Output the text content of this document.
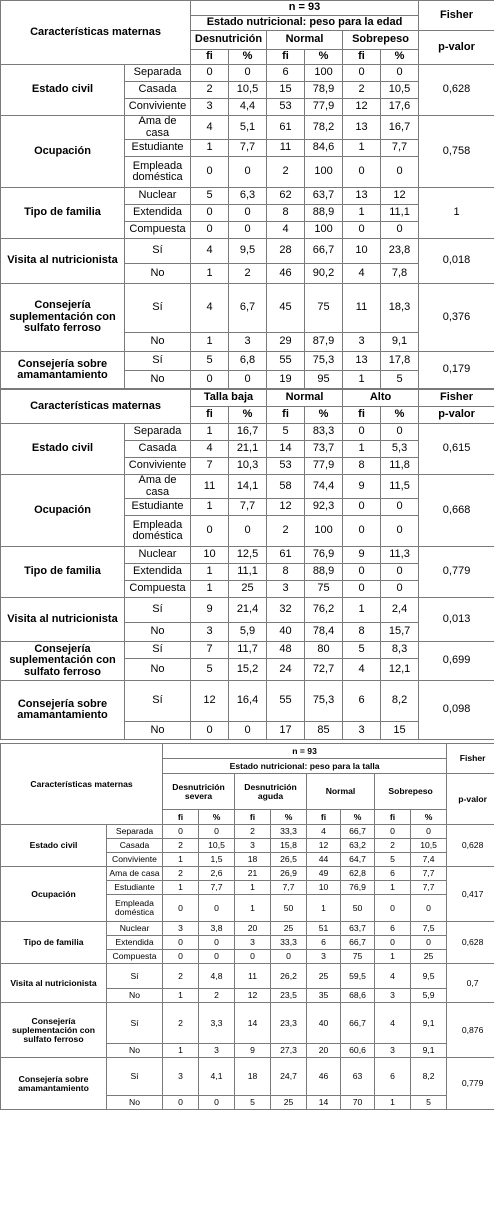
Características maternas		n = 93						Fisher
		Estado nutricional: peso para la edad						
		Desnutrición		Normal		Sobrepeso		p-valor
		fi	%	fi	%	fi	%	
Estado civil	Separada	0	0	6	100	0	0	0,628
	Casada	2	10,5	15	78,9	2	10,5	
	Conviviente	3	4,4	53	77,9	12	17,6	
Ocupación	Ama de casa	4	5,1	61	78,2	13	16,7	0,758
	Estudiante	1	7,7	11	84,6	1	7,7	
	Empleada doméstica	0	0	2	100	0	0	
Tipo de familia	Nuclear	5	6,3	62	63,7	13	12	1
	Extendida	0	0	8	88,9	1	11,1	
	Compuesta	0	0	4	100	0	0	
Visita al nutricionista	Sí	4	9,5	28	66,7	10	23,8	0,018
	No	1	2	46	90,2	4	7,8	
Consejería suplementación con sulfato ferroso	Sí	4	6,7	45	75	11	18,3	0,376
	No	1	3	29	87,9	3	9,1	
Consejería sobre amamantamiento	Sí	5	6,8	55	75,3	13	17,8	0,179
	No	0	0	19	95	1	5	
Características maternas		Talla baja		Normal		Alto		Fisher
		fi	%	fi	%	fi	%	p-valor
Estado civil	Separada	1	16,7	5	83,3	0	0	0,615
	Casada	4	21,1	14	73,7	1	5,3	
	Conviviente	7	10,3	53	77,9	8	11,8	
Ocupación	Ama de casa	11	14,1	58	74,4	9	11,5	0,668
	Estudiante	1	7,7	12	92,3	0	0	
	Empleada doméstica	0	0	2	100	0	0	
Tipo de familia	Nuclear	10	12,5	61	76,9	9	11,3	0,779
	Extendida	1	11,1	8	88,9	0	0	
	Compuesta	1	25	3	75	0	0	
Visita al nutricionista	Sí	9	21,4	32	76,2	1	2,4	0,013
	No	3	5,9	40	78,4	8	15,7	
Consejería suplementación con sulfato ferroso	Sí	7	11,7	48	80	5	8,3	0,699
	No	5	15,2	24	72,7	4	12,1	
Consejería sobre amamantamiento	Sí	12	16,4	55	75,3	6	8,2	0,098
	No	0	0	17	85	3	15	
Características maternas		n = 93								Fisher
		Estado nutricional: peso para la talla								
		Desnutrición severa		Desnutrición aguda		Normal		Sobrepeso		p-valor
		fi	%	fi	%	fi	%	fi	%	
Estado civil	Separada	0	0	2	33,3	4	66,7	0	0	0,628
	Casada	2	10,5	3	15,8	12	63,2	2	10,5	
	Conviviente	1	1,5	18	26,5	44	64,7	5	7,4	
Ocupación	Ama de casa	2	2,6	21	26,9	49	62,8	6	7,7	0,417
	Estudiante	1	7,7	1	7,7	10	76,9	1	7,7	
	Empleada doméstica	0	0	1	50	1	50	0	0	
Tipo de familia	Nuclear	3	3,8	20	25	51	63,7	6	7,5	0,628
	Extendida	0	0	3	33,3	6	66,7	0	0	
	Compuesta	0	0	0	0	3	75	1	25	
Visita al nutricionista	Sí	2	4,8	11	26,2	25	59,5	4	9,5	0,7
	No	1	2	12	23,5	35	68,6	3	5,9	
Consejería suplementación con sulfato ferroso	Sí	2	3,3	14	23,3	40	66,7	4	9,1	0,876
	No	1	3	9	27,3	20	60,6	3	9,1	
Consejería sobre amamantamiento	Sí	3	4,1	18	24,7	46	63	6	8,2	0,779
	No	0	0	5	25	14	70	1	5	
